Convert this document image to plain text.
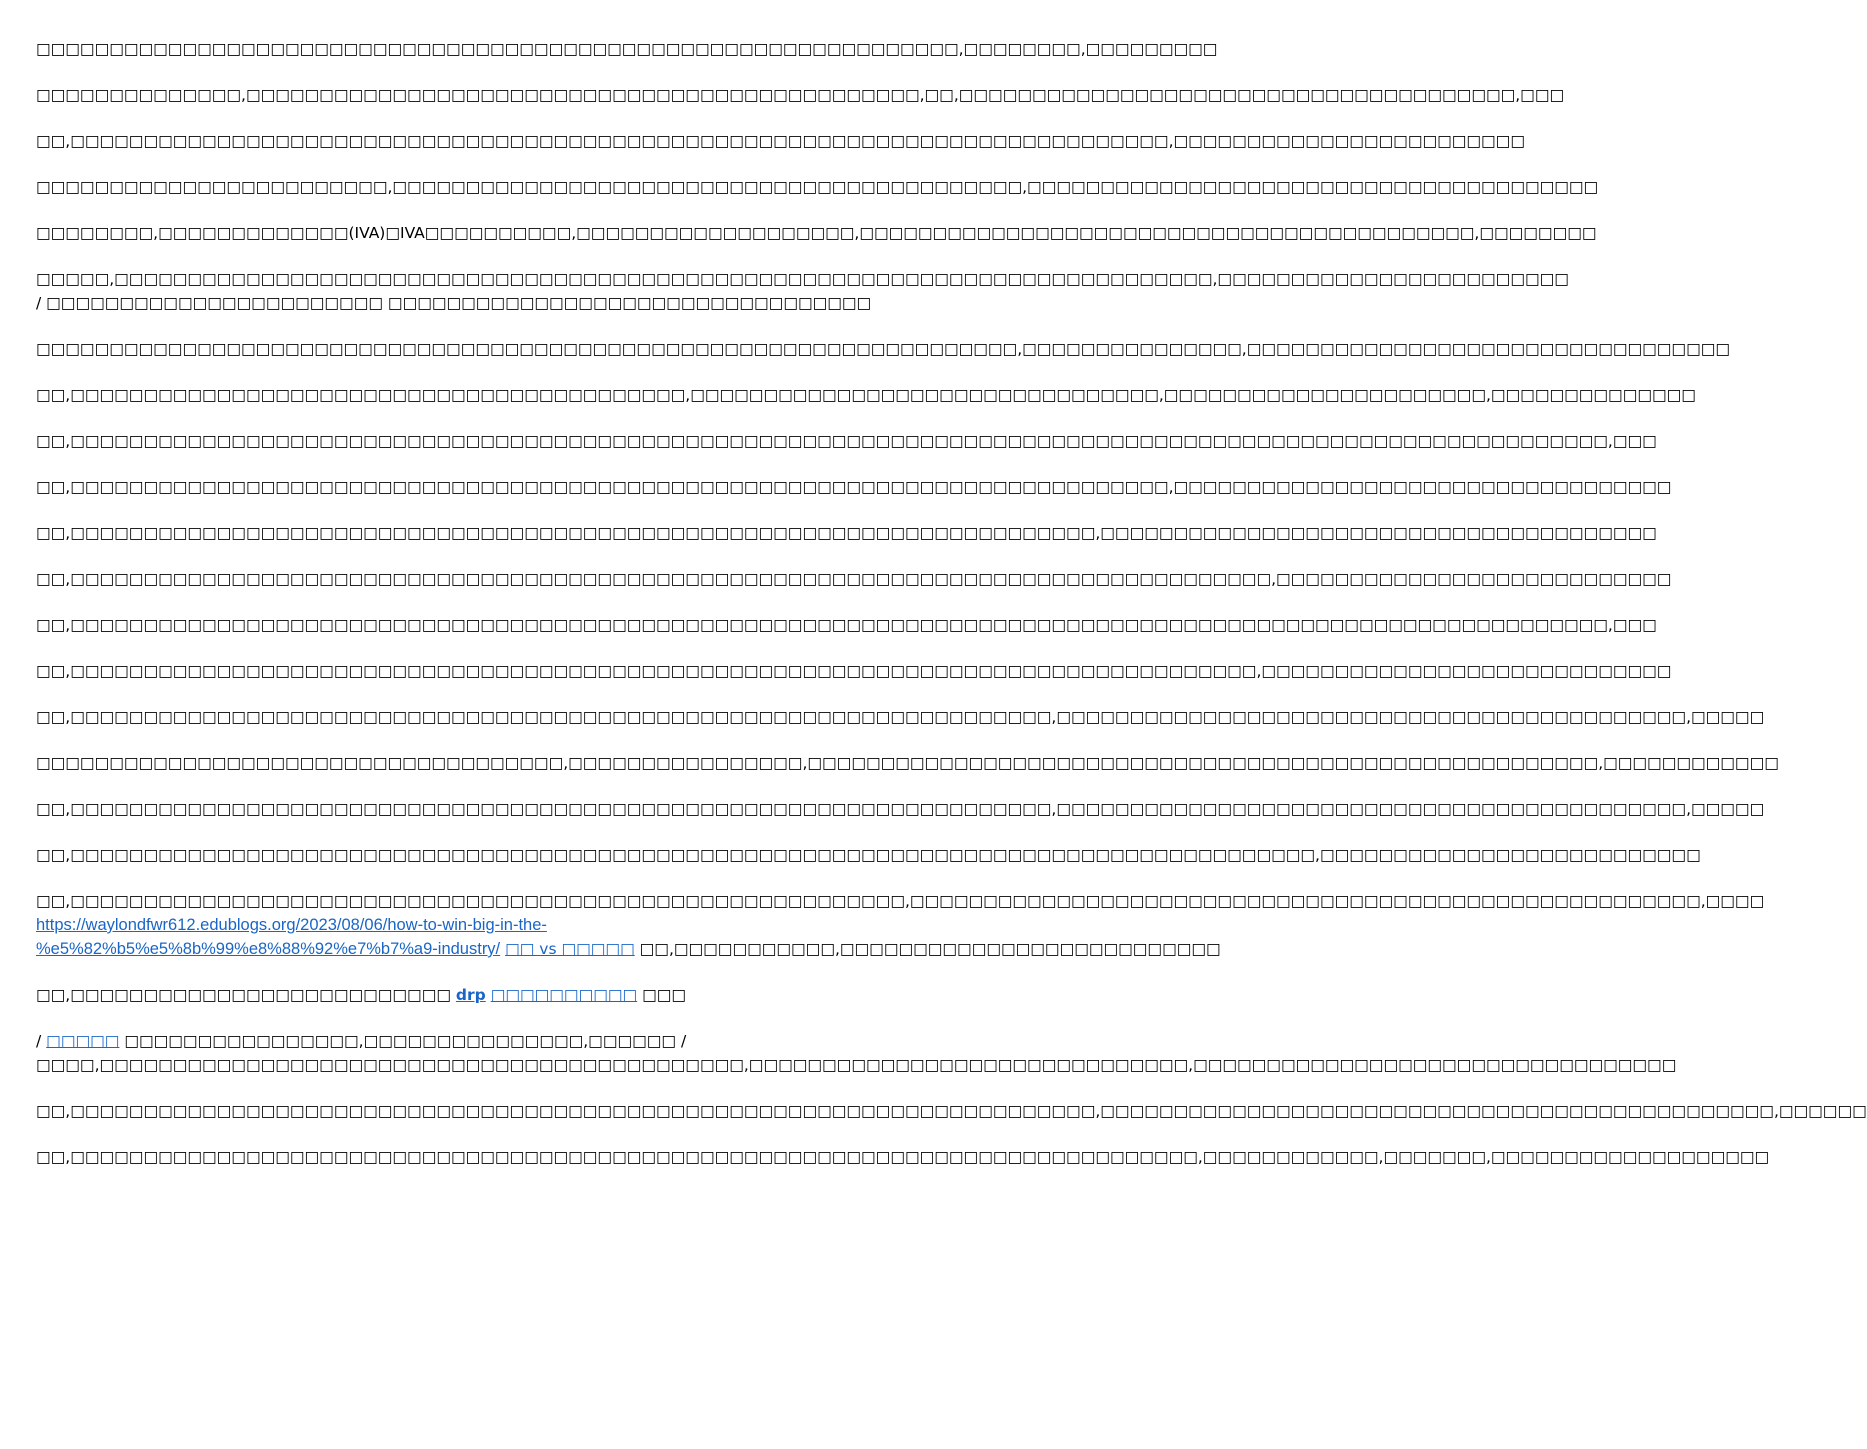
□□□□□□□□□□□□□□□□□□□□□□□□□□□□□□□□□□□□□□□□□□□□□□□□□□□□□□□□□□□□□□□,□□□□□□□□,□□□□□□□□□

□□□□□□□□□□□□□□,□□□□□□□□□□□□□□□□□□□□□□□□□□□□□□□□□□□□□□□□□□□□□□,□□,□□□□□□□□□□□□□□□□□□□□□□□□□□□□□□□□□□□□□□,□□□

□□,□□□□□□□□□□□□□□□□□□□□□□□□□□□□□□□□□□□□□□□□□□□□□□□□□□□□□□□□□□□□□□□□□□□□□□□□□□□,□□□□□□□□□□□□□□□□□□□□□□□□

□□□□□□□□□□□□□□□□□□□□□□□□,□□□□□□□□□□□□□□□□□□□□□□□□□□□□□□□□□□□□□□□□□□□,□□□□□□□□□□□□□□□□□□□□□□□□□□□□□□□□□□□□□□□

□□□□□□□□,□□□□□□□□□□□□□(IVA)□IVA□□□□□□□□□□,□□□□□□□□□□□□□□□□□□□,□□□□□□□□□□□□□□□□□□□□□□□□□□□□□□□□□□□□□□□□□□,□□□□□□□□

□□□□□,□□□□□□□□□□□□□□□□□□□□□□□□□□□□□□□□□□□□□□□□□□□□□□□□□□□□□□□□□□□□□□□□□□□□□□□□□□□,□□□□□□□□□□□□□□□□□□□□□□□□
/ □□□□□□□□□□□□□□□□□□□□□□□ □□□□□□□□□□□□□□□□□□□□□□□□□□□□□□□□□

□□□□□□□□□□□□□□□□□□□□□□□□□□□□□□□□□□□□□□□□□□□□□□□□□□□□□□□□□□□□□□□□□□□,□□□□□□□□□□□□□□□,□□□□□□□□□□□□□□□□□□□□□□□□□□□□□□□□□

□□,□□□□□□□□□□□□□□□□□□□□□□□□□□□□□□□□□□□□□□□□□□,□□□□□□□□□□□□□□□□□□□□□□□□□□□□□□□□,□□□□□□□□□□□□□□□□□□□□□□,□□□□□□□□□□□□□□

□□,□□□□□□□□□□□□□□□□□□□□□□□□□□□□□□□□□□□□□□□□□□□□□□□□□□□□□□□□□□□□□□□□□□□□□□□□□□□□□□□□□□□□□□□□□□□□□□□□□□□□□□□□□,□□□

□□,□□□□□□□□□□□□□□□□□□□□□□□□□□□□□□□□□□□□□□□□□□□□□□□□□□□□□□□□□□□□□□□□□□□□□□□□□□□,□□□□□□□□□□□□□□□□□□□□□□□□□□□□□□□□□□

□□,□□□□□□□□□□□□□□□□□□□□□□□□□□□□□□□□□□□□□□□□□□□□□□□□□□□□□□□□□□□□□□□□□□□□□□,□□□□□□□□□□□□□□□□□□□□□□□□□□□□□□□□□□□□□□

□□,□□□□□□□□□□□□□□□□□□□□□□□□□□□□□□□□□□□□□□□□□□□□□□□□□□□□□□□□□□□□□□□□□□□□□□□□□□□□□□□□□□,□□□□□□□□□□□□□□□□□□□□□□□□□□□

□□,□□□□□□□□□□□□□□□□□□□□□□□□□□□□□□□□□□□□□□□□□□□□□□□□□□□□□□□□□□□□□□□□□□□□□□□□□□□□□□□□□□□□□□□□□□□□□□□□□□□□□□□□□,□□□

□□,□□□□□□□□□□□□□□□□□□□□□□□□□□□□□□□□□□□□□□□□□□□□□□□□□□□□□□□□□□□□□□□□□□□□□□□□□□□□□□□□□,□□□□□□□□□□□□□□□□□□□□□□□□□□□□

□□,□□□□□□□□□□□□□□□□□□□□□□□□□□□□□□□□□□□□□□□□□□□□□□□□□□□□□□□□□□□□□□□□□□□,□□□□□□□□□□□□□□□□□□□□□□□□□□□□□□□□□□□□□□□□□□□,□□□□□

□□□□□□□□□□□□□□□□□□□□□□□□□□□□□□□□□□□□,□□□□□□□□□□□□□□□□,□□□□□□□□□□□□□□□□□□□□□□□□□□□□□□□□□□□□□□□□□□□□□□□□□□□□□□,□□□□□□□□□□□□

□□,□□□□□□□□□□□□□□□□□□□□□□□□□□□□□□□□□□□□□□□□□□□□□□□□□□□□□□□□□□□□□□□□□□□,□□□□□□□□□□□□□□□□□□□□□□□□□□□□□□□□□□□□□□□□□□□,□□□□□

□□,□□□□□□□□□□□□□□□□□□□□□□□□□□□□□□□□□□□□□□□□□□□□□□□□□□□□□□□□□□□□□□□□□□□□□□□□□□□□□□□□□□□□□,□□□□□□□□□□□□□□□□□□□□□□□□□□

□□,□□□□□□□□□□□□□□□□□□□□□□□□□□□□□□□□□□□□□□□□□□□□□□□□□□□□□□□□□,□□□□□□□□□□□□□□□□□□□□□□□□□□□□□□□□□□□□□□□□□□□□□□□□□□□□□□,□□□□
https://waylondfwr612.edublogs.org/2023/08/06/how-to-win-big-in-the-
%e5%82%b5%e5%8b%99%e8%88%92%e7%b7%a9-industry/ □□ vs □□□□□ □□,□□□□□□□□□□□,□□□□□□□□□□□□□□□□□□□□□□□□□□

□□,□□□□□□□□□□□□□□□□□□□□□□□□□□ drp □□□□□□□□□□ □□□

/ □□□□□ □□□□□□□□□□□□□□□□,□□□□□□□□□□□□□□□,□□□□□□ /
□□□□,□□□□□□□□□□□□□□□□□□□□□□□□□□□□□□□□□□□□□□□□□□□□,□□□□□□□□□□□□□□□□□□□□□□□□□□□□□□,□□□□□□□□□□□□□□□□□□□□□□□□□□□□□□□□□

□□,□□□□□□□□□□□□□□□□□□□□□□□□□□□□□□□□□□□□□□□□□□□□□□□□□□□□□□□□□□□□□□□□□□□□□□,□□□□□□□□□□□□□□□□□□□□□□□□□□□□□□□□□□□□□□□□□□□□□□,□□□□□□

□□,□□□□□□□□□□□□□□□□□□□□□□□□□□□□□□□□□□□□□□□□□□□□□□□□□□□□□□□□□□□□□□□□□□□□□□□□□□□□□,□□□□□□□□□□□□,□□□□□□□,□□□□□□□□□□□□□□□□□□□
